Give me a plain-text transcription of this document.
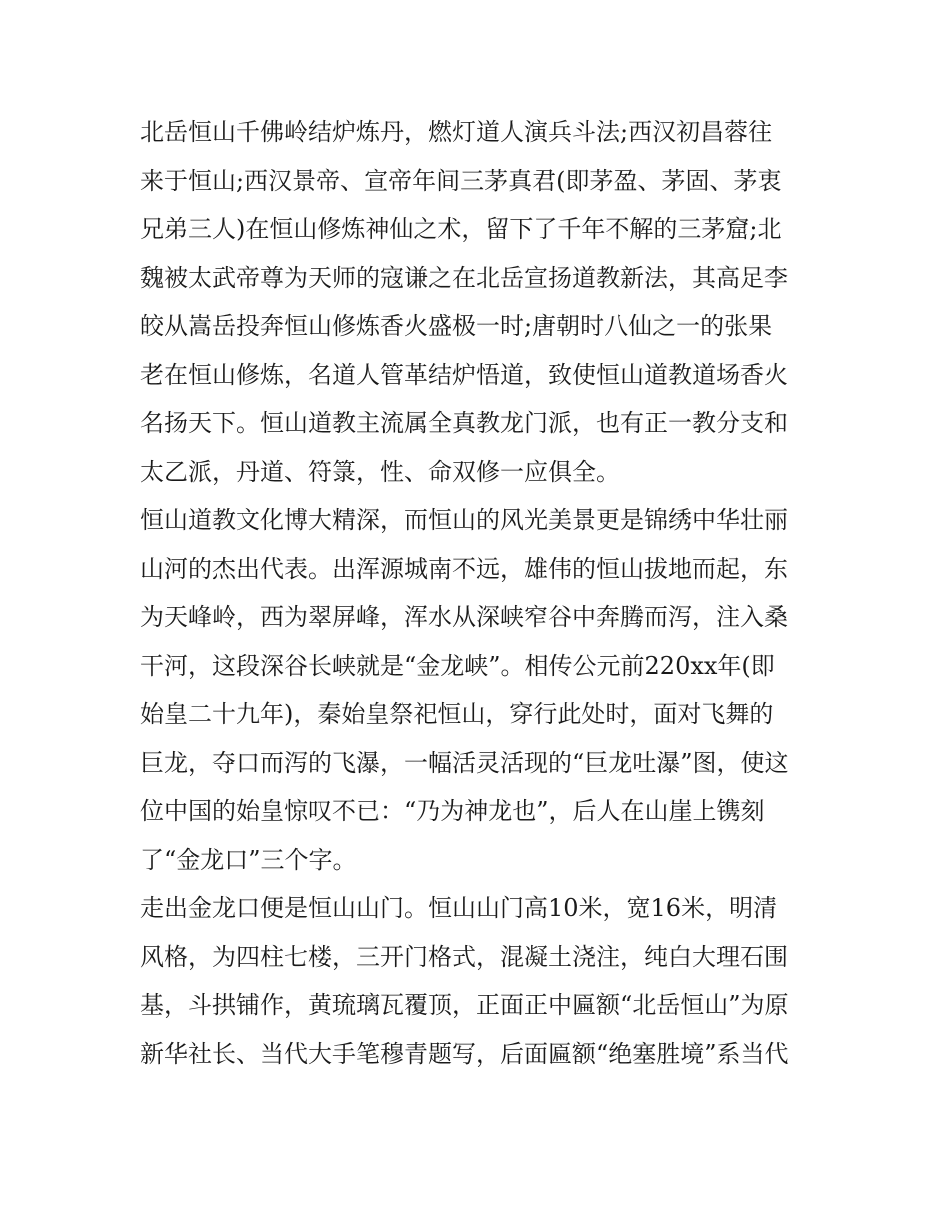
北岳恒山千佛岭结炉炼丹，燃灯道人演兵斗法;西汉初昌蓉往
来于恒山;西汉景帝、宣帝年间三茅真君(即茅盈、茅固、茅衷
兄弟三人)在恒山修炼神仙之术，留下了千年不解的三茅窟;北
魏被太武帝尊为天师的寇谦之在北岳宣扬道教新法，其高足李
皎从嵩岳投奔恒山修炼香火盛极一时;唐朝时八仙之一的张果
老在恒山修炼，名道人管革结炉悟道，致使恒山道教道场香火
名扬天下。恒山道教主流属全真教龙门派，也有正一教分支和
太乙派，丹道、符箓，性、命双修一应俱全。
恒山道教文化博大精深，而恒山的风光美景更是锦绣中华壮丽
山河的杰出代表。出浑源城南不远，雄伟的恒山拔地而起，东
为天峰岭，西为翠屏峰，浑水从深峡窄谷中奔腾而泻，注入桑
干河，这段深谷长峡就是“金龙峡”。相传公元前220xx年(即
始皇二十九年)，秦始皇祭祀恒山，穿行此处时，面对飞舞的
巨龙，夺口而泻的飞瀑，一幅活灵活现的“巨龙吐瀑”图，使这
位中国的始皇惊叹不已：“乃为神龙也”，后人在山崖上镌刻
了“金龙口”三个字。
走出金龙口便是恒山山门。恒山山门高10米，宽16米，明清
风格，为四柱七楼，三开门格式，混凝土浇注，纯白大理石围
基，斗拱铺作，黄琉璃瓦覆顶，正面正中匾额“北岳恒山”为原
新华社长、当代大手笔穆青题写，后面匾额“绝塞胜境”系当代
